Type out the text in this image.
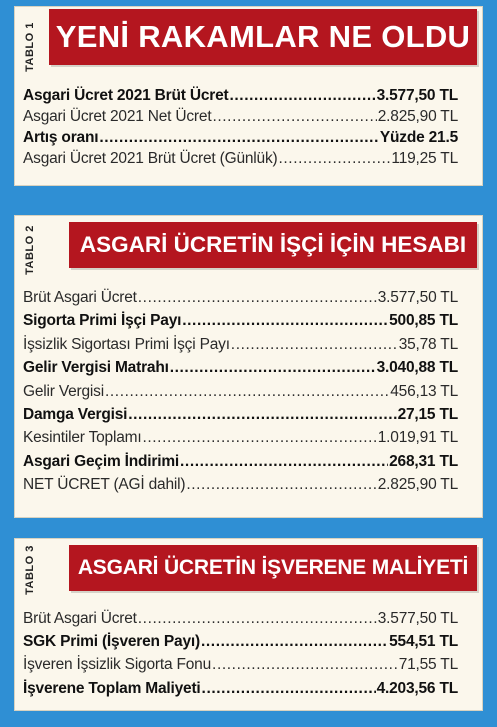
TABLO 1 YENİ RAKAMLAR NE OLDU
Asgari Ücret 2021 Brüt Ücret .....	3.577,50 TL
Asgari Ücret 2021 Net Ücret .....	2.825,90 TL
Artış oranı .....	Yüzde 21.5
Asgari Ücret 2021 Brüt Ücret (Günlük) .....	119,25 TL
TABLO 2 ASGARİ ÜCRETİN İŞÇİ İÇİN HESABI
Brüt Asgari Ücret .....	3.577,50 TL
Sigorta Primi İşçi Payı .....	500,85 TL
İşsizlik Sigortası Primi İşçi Payı .....	35,78 TL
Gelir Vergisi Matrahı .....	3.040,88 TL
Gelir Vergisi .....	456,13 TL
Damga Vergisi .....	27,15 TL
Kesintiler Toplamı .....	1.019,91 TL
Asgari Geçim İndirimi .....	268,31 TL
NET ÜCRET (AGİ dahil) .....	2.825,90 TL
TABLO 3 ASGARİ ÜCRETİN İŞVERENE MALİYETİ
Brüt Asgari Ücret .....	3.577,50 TL
SGK Primi (İşveren Payı) .....	554,51 TL
İşveren İşsizlik Sigorta Fonu .....	71,55 TL
İşverene Toplam Maliyeti .....	4.203,56 TL
